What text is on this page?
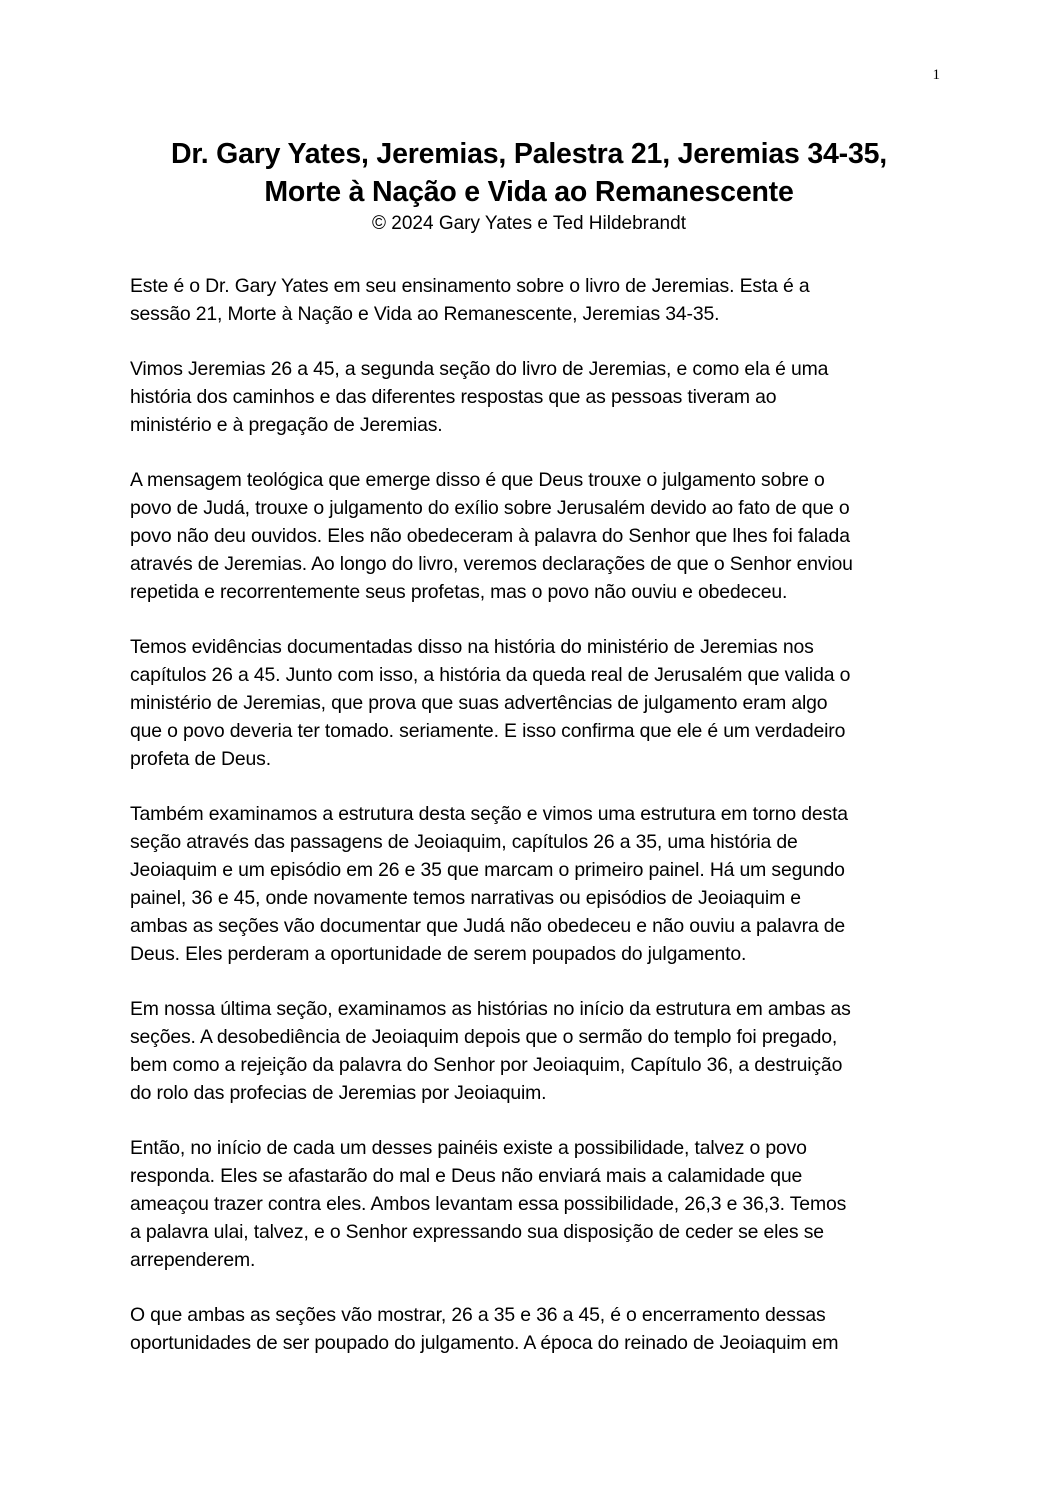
1
Dr. Gary Yates, Jeremias, Palestra 21, Jeremias 34-35,
Morte à Nação e Vida ao Remanescente

© 2024 Gary Yates e Ted Hildebrandt

Este é o Dr. Gary Yates em seu ensinamento sobre o livro de Jeremias. Esta é a
sessão 21, Morte à Nação e Vida ao Remanescente, Jeremias 34-35.

Vimos Jeremias 26 a 45, a segunda seção do livro de Jeremias, e como ela é uma
história dos caminhos e das diferentes respostas que as pessoas tiveram ao
ministério e à pregação de Jeremias.

A mensagem teológica que emerge disso é que Deus trouxe o julgamento sobre o
povo de Judá, trouxe o julgamento do exílio sobre Jerusalém devido ao fato de que o
povo não deu ouvidos. Eles não obedeceram à palavra do Senhor que lhes foi falada
através de Jeremias. Ao longo do livro, veremos declarações de que o Senhor enviou
repetida e recorrentemente seus profetas, mas o povo não ouviu e obedeceu.

Temos evidências documentadas disso na história do ministério de Jeremias nos
capítulos 26 a 45. Junto com isso, a história da queda real de Jerusalém que valida o
ministério de Jeremias, que prova que suas advertências de julgamento eram algo
que o povo deveria ter tomado. seriamente. E isso confirma que ele é um verdadeiro
profeta de Deus.

Também examinamos a estrutura desta seção e vimos uma estrutura em torno desta
seção através das passagens de Jeoiaquim, capítulos 26 a 35, uma história de
Jeoiaquim e um episódio em 26 e 35 que marcam o primeiro painel. Há um segundo
painel, 36 e 45, onde novamente temos narrativas ou episódios de Jeoiaquim e
ambas as seções vão documentar que Judá não obedeceu e não ouviu a palavra de
Deus. Eles perderam a oportunidade de serem poupados do julgamento.

Em nossa última seção, examinamos as histórias no início da estrutura em ambas as
seções. A desobediência de Jeoiaquim depois que o sermão do templo foi pregado,
bem como a rejeição da palavra do Senhor por Jeoiaquim, Capítulo 36, a destruição
do rolo das profecias de Jeremias por Jeoiaquim.

Então, no início de cada um desses painéis existe a possibilidade, talvez o povo
responda. Eles se afastarão do mal e Deus não enviará mais a calamidade que
ameaçou trazer contra eles. Ambos levantam essa possibilidade, 26,3 e 36,3. Temos
a palavra ulai, talvez, e o Senhor expressando sua disposição de ceder se eles se
arrependerem.

O que ambas as seções vão mostrar, 26 a 35 e 36 a 45, é o encerramento dessas
oportunidades de ser poupado do julgamento. A época do reinado de Jeoiaquim em
